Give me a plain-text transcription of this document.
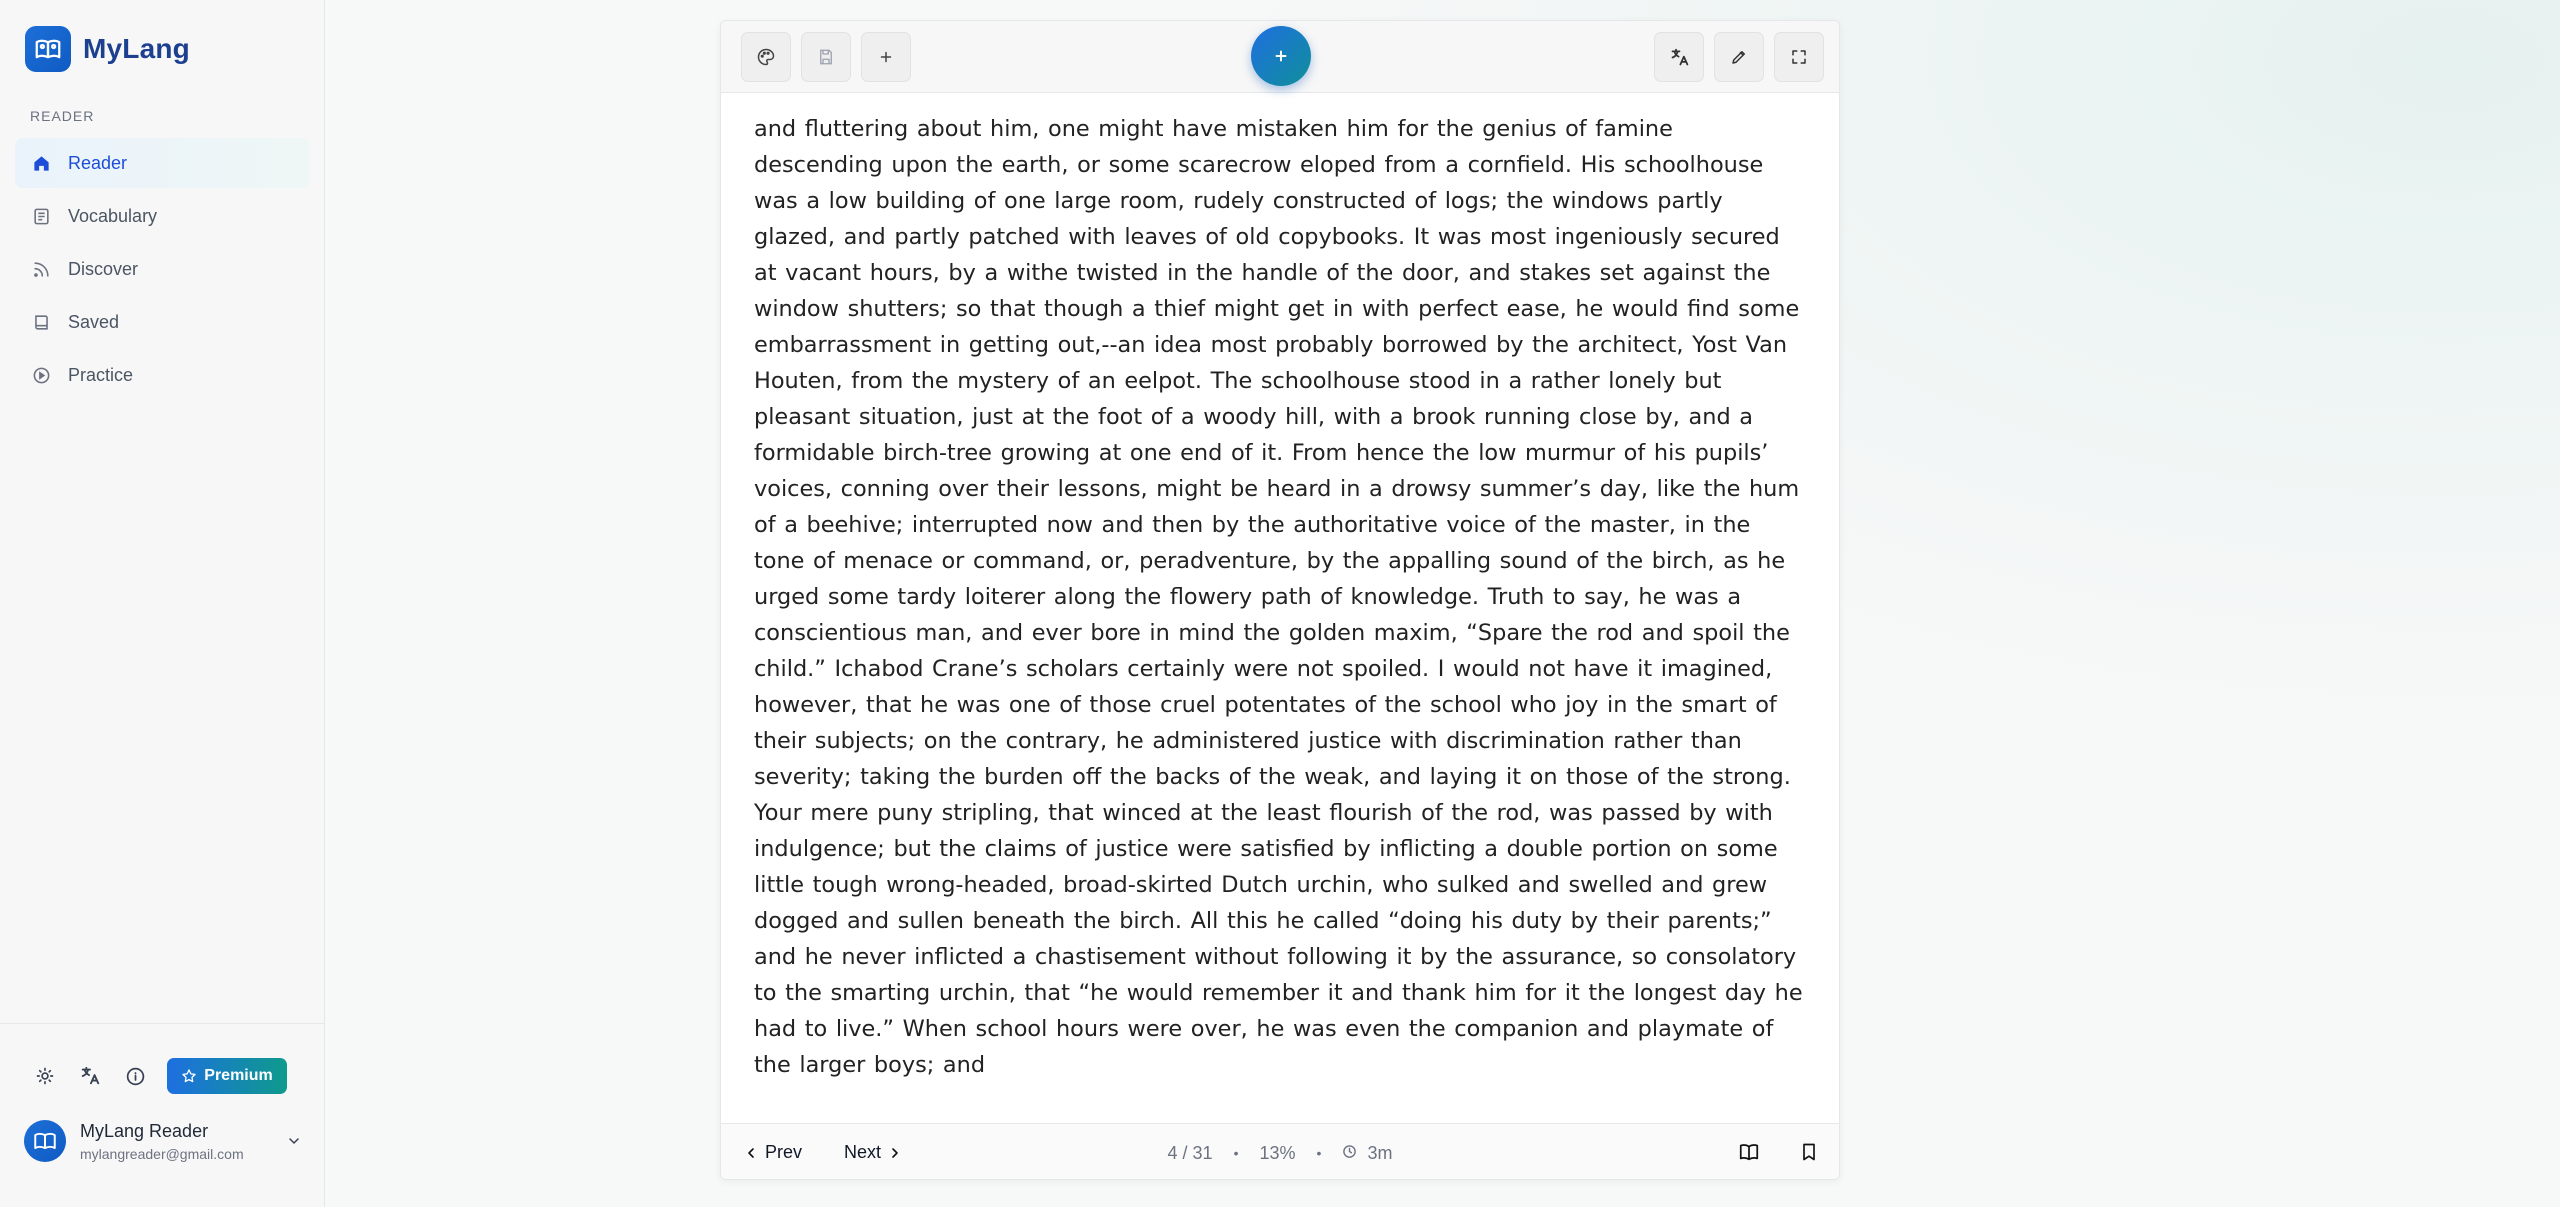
MyLang
READER
Reader
Vocabulary
Discover
Saved
Practice
Premium
MyLang Reader
mylangreader@gmail.com
and fluttering about him, one might have mistaken him for the genius of famine descending upon the earth, or some scarecrow eloped from a cornfield. His schoolhouse was a low building of one large room, rudely constructed of logs; the windows partly glazed, and partly patched with leaves of old copybooks. It was most ingeniously secured at vacant hours, by a withe twisted in the handle of the door, and stakes set against the window shutters; so that though a thief might get in with perfect ease, he would find some embarrassment in getting out,--an idea most probably borrowed by the architect, Yost Van Houten, from the mystery of an eelpot. The schoolhouse stood in a rather lonely but pleasant situation, just at the foot of a woody hill, with a brook running close by, and a formidable birch-tree growing at one end of it. From hence the low murmur of his pupils’ voices, conning over their lessons, might be heard in a drowsy summer’s day, like the hum of a beehive; interrupted now and then by the authoritative voice of the master, in the tone of menace or command, or, peradventure, by the appalling sound of the birch, as he urged some tardy loiterer along the flowery path of knowledge. Truth to say, he was a conscientious man, and ever bore in mind the golden maxim, “Spare the rod and spoil the child.” Ichabod Crane’s scholars certainly were not spoiled. I would not have it imagined, however, that he was one of those cruel potentates of the school who joy in the smart of their subjects; on the contrary, he administered justice with discrimination rather than severity; taking the burden off the backs of the weak, and laying it on those of the strong. Your mere puny stripling, that winced at the least flourish of the rod, was passed by with indulgence; but the claims of justice were satisfied by inflicting a double portion on some little tough wrong-headed, broad-skirted Dutch urchin, who sulked and swelled and grew dogged and sullen beneath the birch. All this he called “doing his duty by their parents;” and he never inflicted a chastisement without following it by the assurance, so consolatory to the smarting urchin, that “he would remember it and thank him for it the longest day he had to live.” When school hours were over, he was even the companion and playmate of the larger boys; and
Prev Next	4 / 31 • 13% •	3m
